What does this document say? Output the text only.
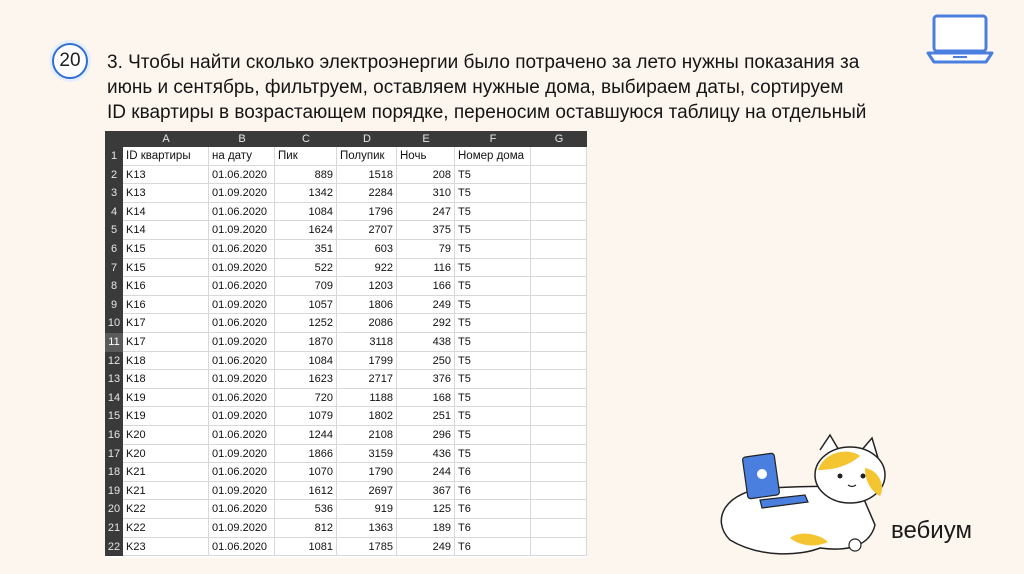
20 3. Чтобы найти сколько электроэнергии было потрачено за лето нужны показания за июнь и сентябрь, фильтруем, оставляем нужные дома, выбираем даты, сортируем ID квартиры в возрастающем порядке, переносим оставшуюся таблицу на отдельный

A	B	C	D	E	F	G
1 ID квартиры	на дату	Пик	Полупик	Ночь	Номер дома
2 K13	01.06.2020	889	1518	208 T5
3 K13	01.09.2020	1342	2284	310 T5
4 K14	01.06.2020	1084	1796	247 T5
5 K14	01.09.2020	1624	2707	375 T5
6 K15	01.06.2020	351	603	79 T5
7 K15	01.09.2020	522	922	116 T5
8 K16	01.06.2020	709	1203	166 T5
9 K16	01.09.2020	1057	1806	249 T5
10 K17	01.06.2020	1252	2086	292 T5
11 K17	01.09.2020	1870	3118	438 T5
12 K18	01.06.2020	1084	1799	250 T5
13 K18	01.09.2020	1623	2717	376 T5
14 K19	01.06.2020	720	1188	168 T5
15 K19	01.09.2020	1079	1802	251 T5
16 K20	01.06.2020	1244	2108	296 T5
17 K20	01.09.2020	1866	3159	436 T5
18 K21	01.06.2020	1070	1790	244 T6
19 K21	01.09.2020	1612	2697	367 T6
20 K22	01.06.2020	536	919	125 T6
21 K22	01.09.2020	812	1363	189 T6
22 K23	01.06.2020	1081	1785	249 T6
вебиум
